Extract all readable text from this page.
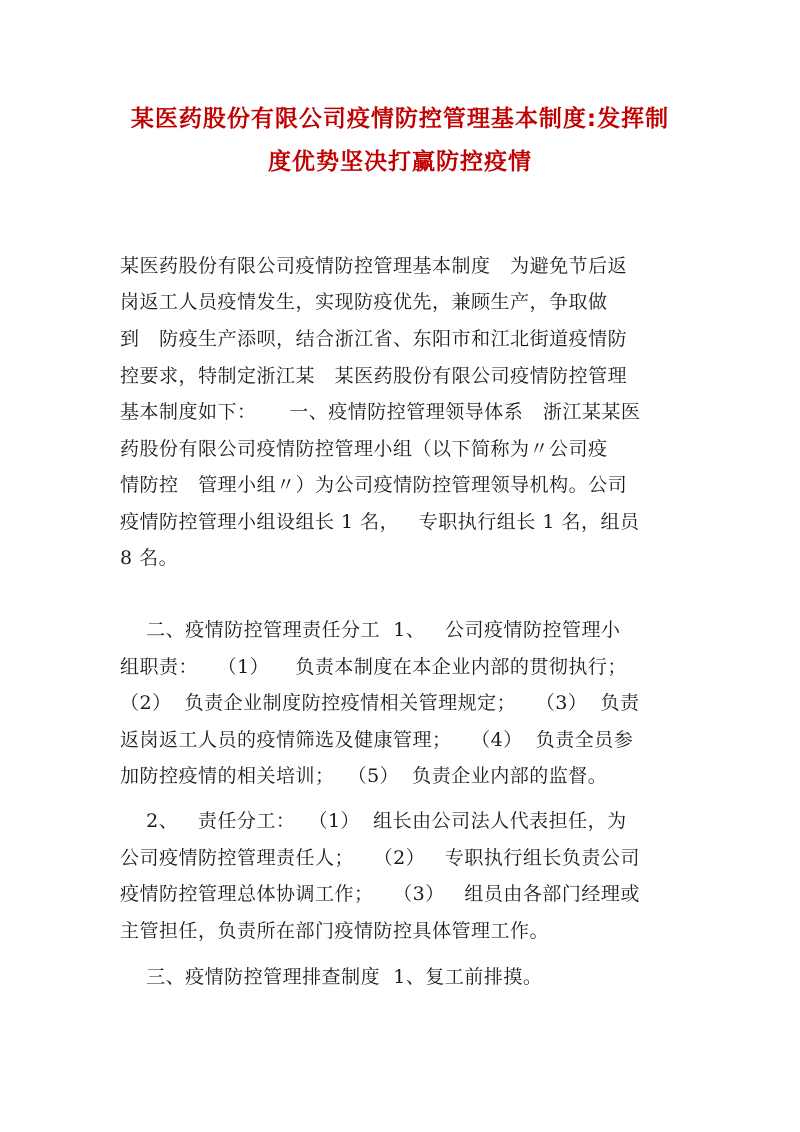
某医药股份有限公司疫情防控管理基本制度:发挥制
度优势坚决打赢防控疫情
某医药股份有限公司疫情防控管理基本制度   为避免节后返
岗返工人员疫情发生，实现防疫优先，兼顾生产，争取做
到   防疫生产添呗，结合浙江省、东阳市和江北街道疫情防
控要求，特制定浙江某   某医药股份有限公司疫情防控管理
基本制度如下：     一、疫情防控管理领导体系   浙江某某医
药股份有限公司疫情防控管理小组（以下简称为〃公司疫
情防控   管理小组〃）为公司疫情防控管理领导机构。公司
疫情防控管理小组设组长 1 名，   专职执行组长 1 名，组员
8 名。
二、疫情防控管理责任分工  1、   公司疫情防控管理小
组职责：   （1）    负责本制度在本企业内部的贯彻执行；
（2）  负责企业制度防控疫情相关管理规定；   （3）  负责
返岗返工人员的疫情筛选及健康管理；   （4）  负责全员参
加防控疫情的相关培训；  （5）  负责企业内部的监督。
2、   责任分工：  （1）  组长由公司法人代表担任，为
公司疫情防控管理责任人；   （2）   专职执行组长负责公司
疫情防控管理总体协调工作；   （3）   组员由各部门经理或
主管担任，负责所在部门疫情防控具体管理工作。
三、疫情防控管理排查制度  1、复工前排摸。
